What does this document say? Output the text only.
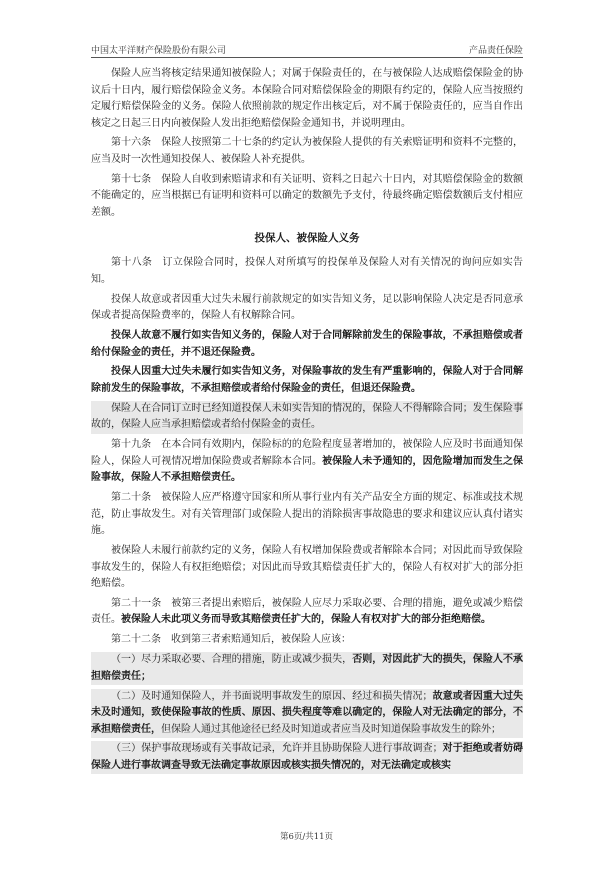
中国太平洋财产保险股份有限公司	产品责任保险

保险人应当将核定结果通知被保险人；对属于保险责任的，在与被保险人达成赔偿保险金的协议后十日内，履行赔偿保险金义务。本保险合同对赔偿保险金的期限有约定的，保险人应当按照约定履行赔偿保险金的义务。保险人依照前款的规定作出核定后，对不属于保险责任的，应当自作出核定之日起三日内向被保险人发出拒绝赔偿保险金通知书，并说明理由。

第十六条　保险人按照第二十七条的约定认为被保险人提供的有关索赔证明和资料不完整的，应当及时一次性通知投保人、被保险人补充提供。

第十七条　保险人自收到索赔请求和有关证明、资料之日起六十日内，对其赔偿保险金的数额不能确定的，应当根据已有证明和资料可以确定的数额先予支付，待最终确定赔偿数额后支付相应差额。

投保人、被保险人义务

第十八条　订立保险合同时，投保人对所填写的投保单及保险人对有关情况的询问应如实告知。

投保人故意或者因重大过失未履行前款规定的如实告知义务，足以影响保险人决定是否同意承保或者提高保险费率的，保险人有权解除合同。

投保人故意不履行如实告知义务的，保险人对于合同解除前发生的保险事故，不承担赔偿或者给付保险金的责任，并不退还保险费。

投保人因重大过失未履行如实告知义务，对保险事故的发生有严重影响的，保险人对于合同解除前发生的保险事故，不承担赔偿或者给付保险金的责任，但退还保险费。

保险人在合同订立时已经知道投保人未如实告知的情况的，保险人不得解除合同；发生保险事故的，保险人应当承担赔偿或者给付保险金的责任。

第十九条　在本合同有效期内，保险标的的危险程度显著增加的，被保险人应及时书面通知保险人，保险人可视情况增加保险费或者解除本合同。被保险人未予通知的，因危险增加而发生之保险事故，保险人不承担赔偿责任。

第二十条　被保险人应严格遵守国家和所从事行业内有关产品安全方面的规定、标准或技术规范，防止事故发生。对有关管理部门或保险人提出的消除损害事故隐患的要求和建议应认真付诸实施。

被保险人未履行前款约定的义务，保险人有权增加保险费或者解除本合同；对因此而导致保险事故发生的，保险人有权拒绝赔偿；对因此而导致其赔偿责任扩大的，保险人有权对扩大的部分拒绝赔偿。

第二十一条　被第三者提出索赔后，被保险人应尽力采取必要、合理的措施，避免或减少赔偿责任。被保险人未此项义务而导致其赔偿责任扩大的，保险人有权对扩大的部分拒绝赔偿。

第二十二条　收到第三者索赔通知后，被保险人应该：

（一）尽力采取必要、合理的措施，防止或减少损失，否则，对因此扩大的损失，保险人不承担赔偿责任；

（二）及时通知保险人，并书面说明事故发生的原因、经过和损失情况；故意或者因重大过失未及时通知，致使保险事故的性质、原因、损失程度等难以确定的，保险人对无法确定的部分，不承担赔偿责任，但保险人通过其他途径已经及时知道或者应当及时知道保险事故发生的除外；

（三）保护事故现场或有关事故记录，允许并且协助保险人进行事故调查；对于拒绝或者妨碍保险人进行事故调查导致无法确定事故原因或核实损失情况的，对无法确定或核实

第6页/共11页
